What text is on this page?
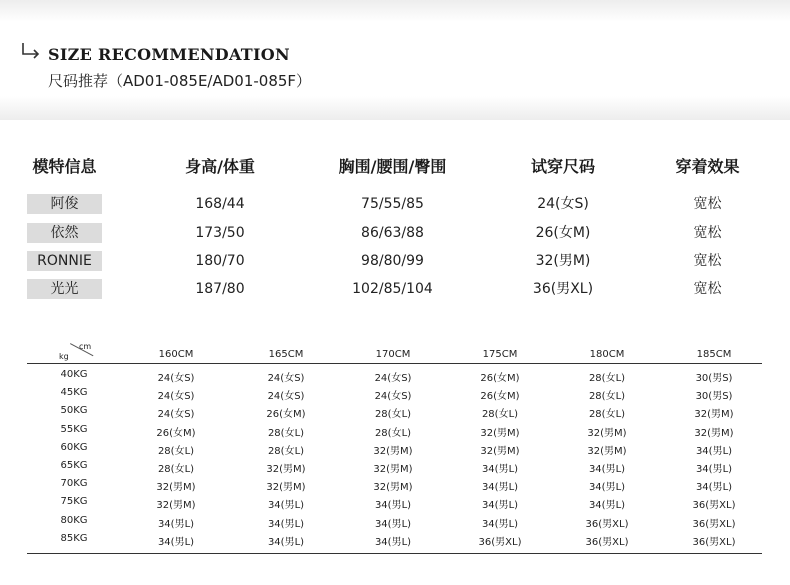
SIZE RECOMMENDATION
尺码推荐（AD01-085E/AD01-085F）
模特信息	身高/体重	胸围/腰围/臀围	试穿尺码	穿着效果
阿俊	168/44	75/55/85	24(女S)	宽松
依然	173/50	86/63/88	26(女M)	宽松
RONNIE	180/70	98/80/99	32(男M)	宽松
光光	187/80	102/85/104	36(男XL)	宽松
cm
kg	160CM	165CM	170CM	175CM	180CM	185CM
40KG	24(女S)	24(女S)	24(女S)	26(女M)	28(女L)	30(男S)
45KG	24(女S)	24(女S)	24(女S)	26(女M)	28(女L)	30(男S)
50KG	24(女S)	26(女M)	28(女L)	28(女L)	28(女L)	32(男M)
55KG	26(女M)	28(女L)	28(女L)	32(男M)	32(男M)	32(男M)
60KG	28(女L)	28(女L)	32(男M)	32(男M)	32(男M)	34(男L)
65KG	28(女L)	32(男M)	32(男M)	34(男L)	34(男L)	34(男L)
70KG	32(男M)	32(男M)	32(男M)	34(男L)	34(男L)	34(男L)
75KG	32(男M)	34(男L)	34(男L)	34(男L)	34(男L)	36(男XL)
80KG	34(男L)	34(男L)	34(男L)	34(男L)	36(男XL)	36(男XL)
85KG	34(男L)	34(男L)	34(男L)	36(男XL)	36(男XL)	36(男XL)
